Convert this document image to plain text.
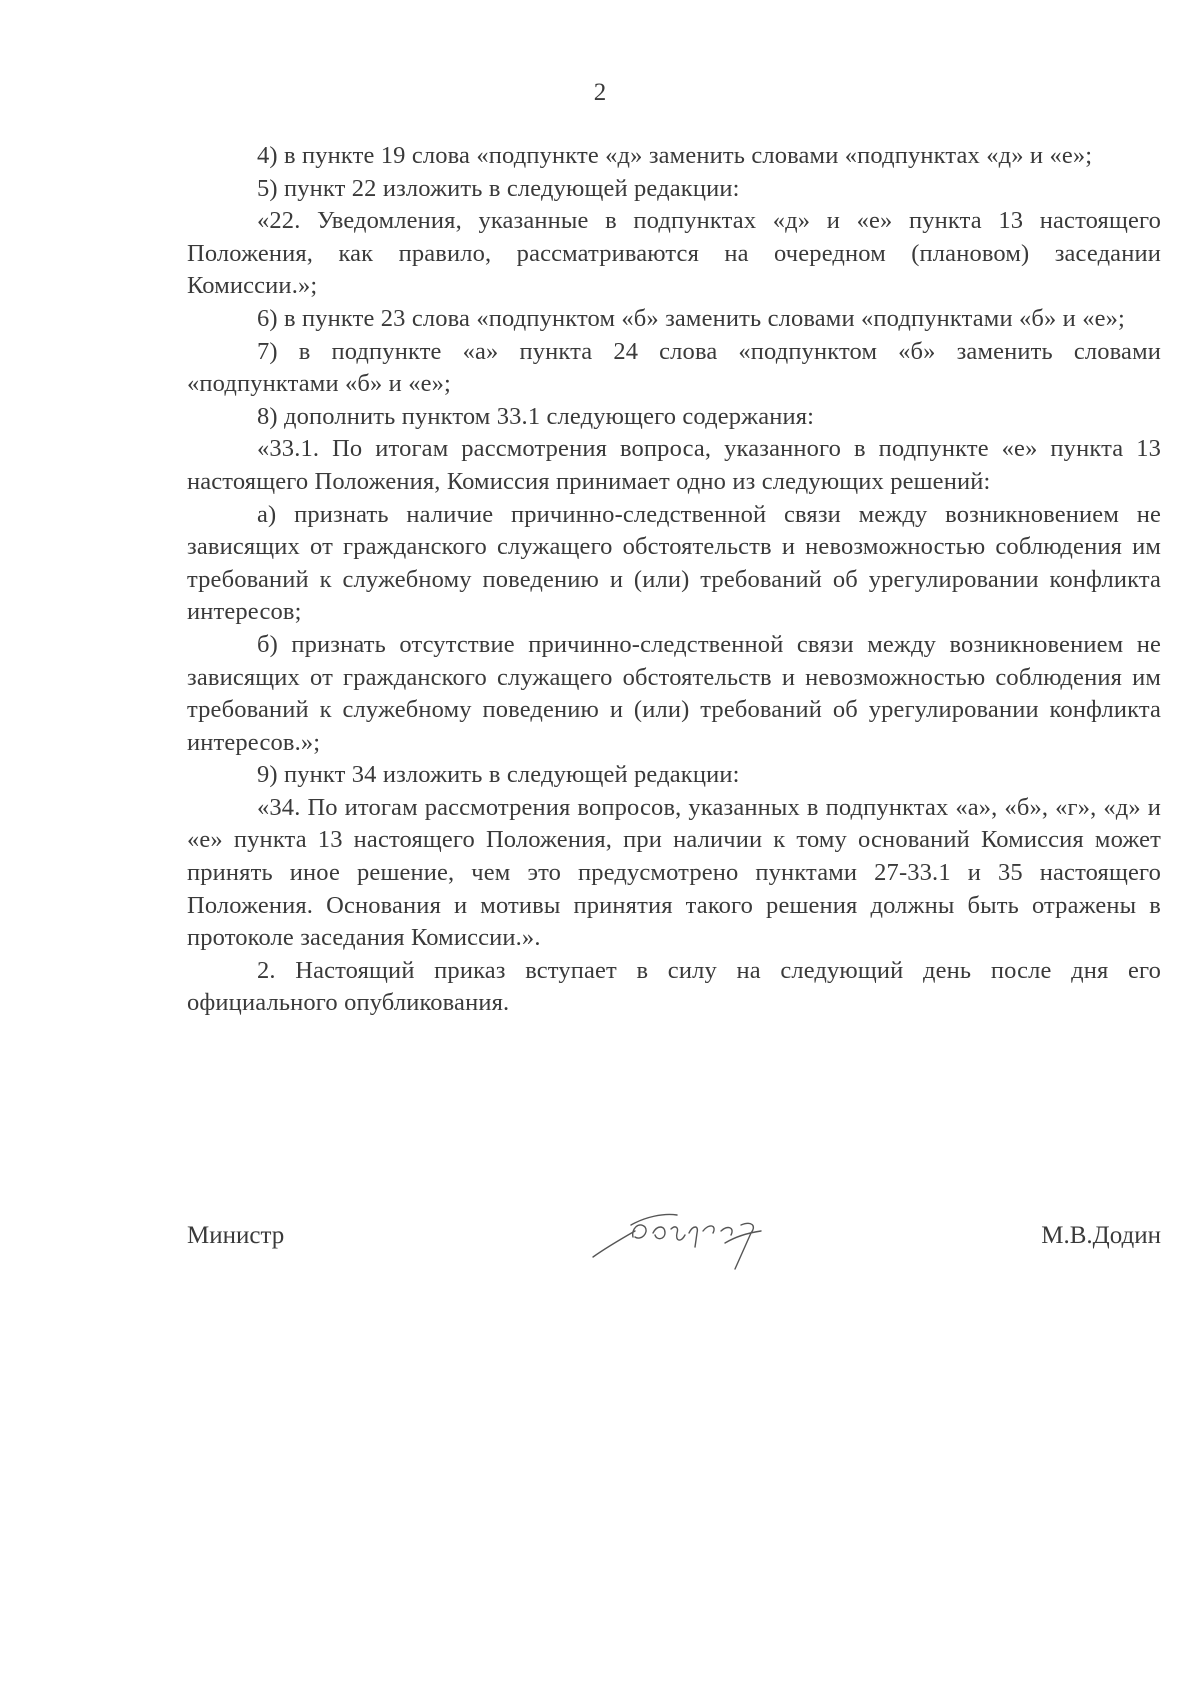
2

4) в пункте 19 слова «подпункте «д» заменить словами «подпунктах «д» и «е»;

5) пункт 22 изложить в следующей редакции:

«22. Уведомления, указанные в подпунктах «д» и «е» пункта 13 настоящего Положения, как правило, рассматриваются на очередном (плановом) заседании Комиссии.»;

6) в пункте 23 слова «подпунктом «б» заменить словами «подпунктами «б» и «е»;

7) в подпункте «а» пункта 24 слова «подпунктом «б» заменить словами «подпунктами «б» и «е»;

8) дополнить пунктом 33.1 следующего содержания:

«33.1. По итогам рассмотрения вопроса, указанного в подпункте «е» пункта 13 настоящего Положения, Комиссия принимает одно из следующих решений:

а) признать наличие причинно-следственной связи между возникновением не зависящих от гражданского служащего обстоятельств и невозможностью соблюдения им требований к служебному поведению и (или) требований об урегулировании конфликта интересов;

б) признать отсутствие причинно-следственной связи между возникновением не зависящих от гражданского служащего обстоятельств и невозможностью соблюдения им требований к служебному поведению и (или) требований об урегулировании конфликта интересов.»;

9) пункт 34 изложить в следующей редакции:

«34. По итогам рассмотрения вопросов, указанных в подпунктах «а», «б», «г», «д» и «е» пункта 13 настоящего Положения, при наличии к тому оснований Комиссия может принять иное решение, чем это предусмотрено пунктами 27-33.1 и 35 настоящего Положения. Основания и мотивы принятия такого решения должны быть отражены в протоколе заседания Комиссии.».

2. Настоящий приказ вступает в силу на следующий день после дня его официального опубликования.

Министр	М.В.Додин
